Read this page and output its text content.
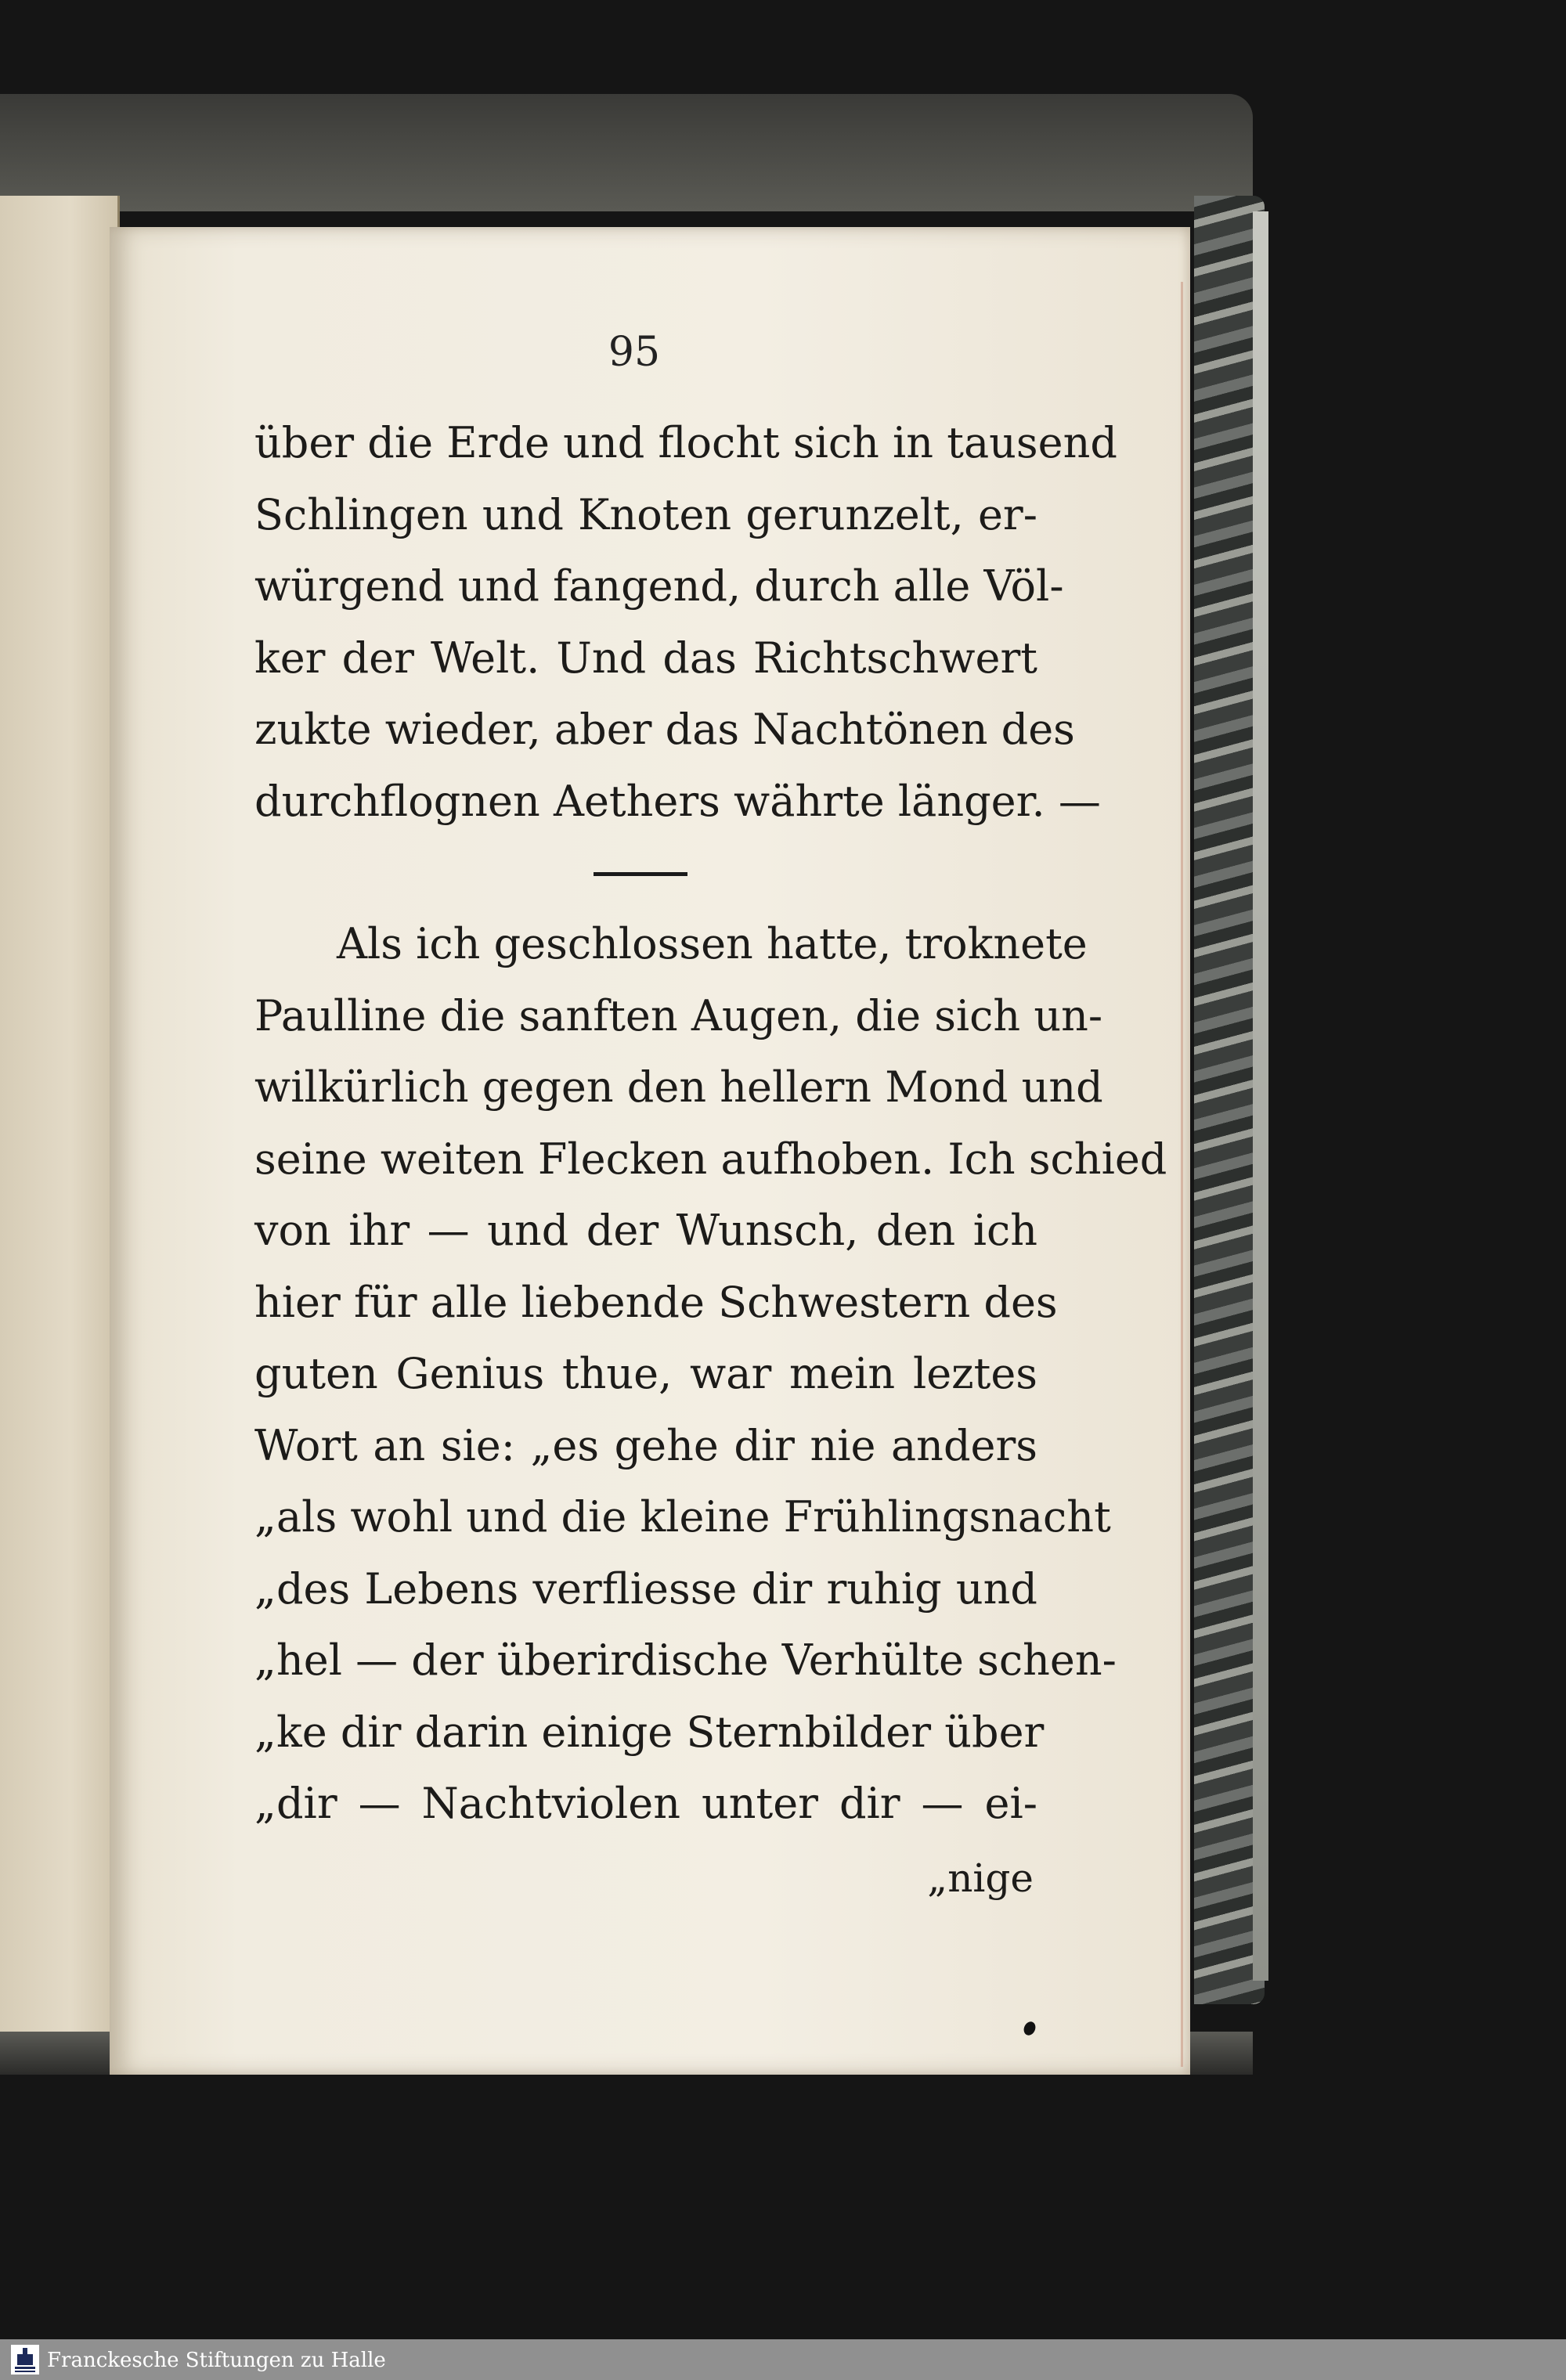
95
über die Erde und flocht sich in tausend
Schlingen und Knoten gerunzelt, er-
würgend und fangend, durch alle Völ-
ker der Welt. Und das Richtschwert
zukte wieder, aber das Nachtönen des
durchflognen Aethers währte länger. —
Als ich geschlossen hatte, troknete
Paulline die sanften Augen, die sich un-
wilkürlich gegen den hellern Mond und
seine weiten Flecken aufhoben. Ich schied
von ihr — und der Wunsch, den ich
hier für alle liebende Schwestern des
guten Genius thue, war mein leztes
Wort an sie: „es gehe dir nie anders
„als wohl und die kleine Frühlingsnacht
„des Lebens verfliesse dir ruhig und
„hel — der überirdische Verhülte schen-
„ke dir darin einige Sternbilder über
„dir — Nachtviolen unter dir — ei-
„nige
Franckesche Stiftungen zu Halle
